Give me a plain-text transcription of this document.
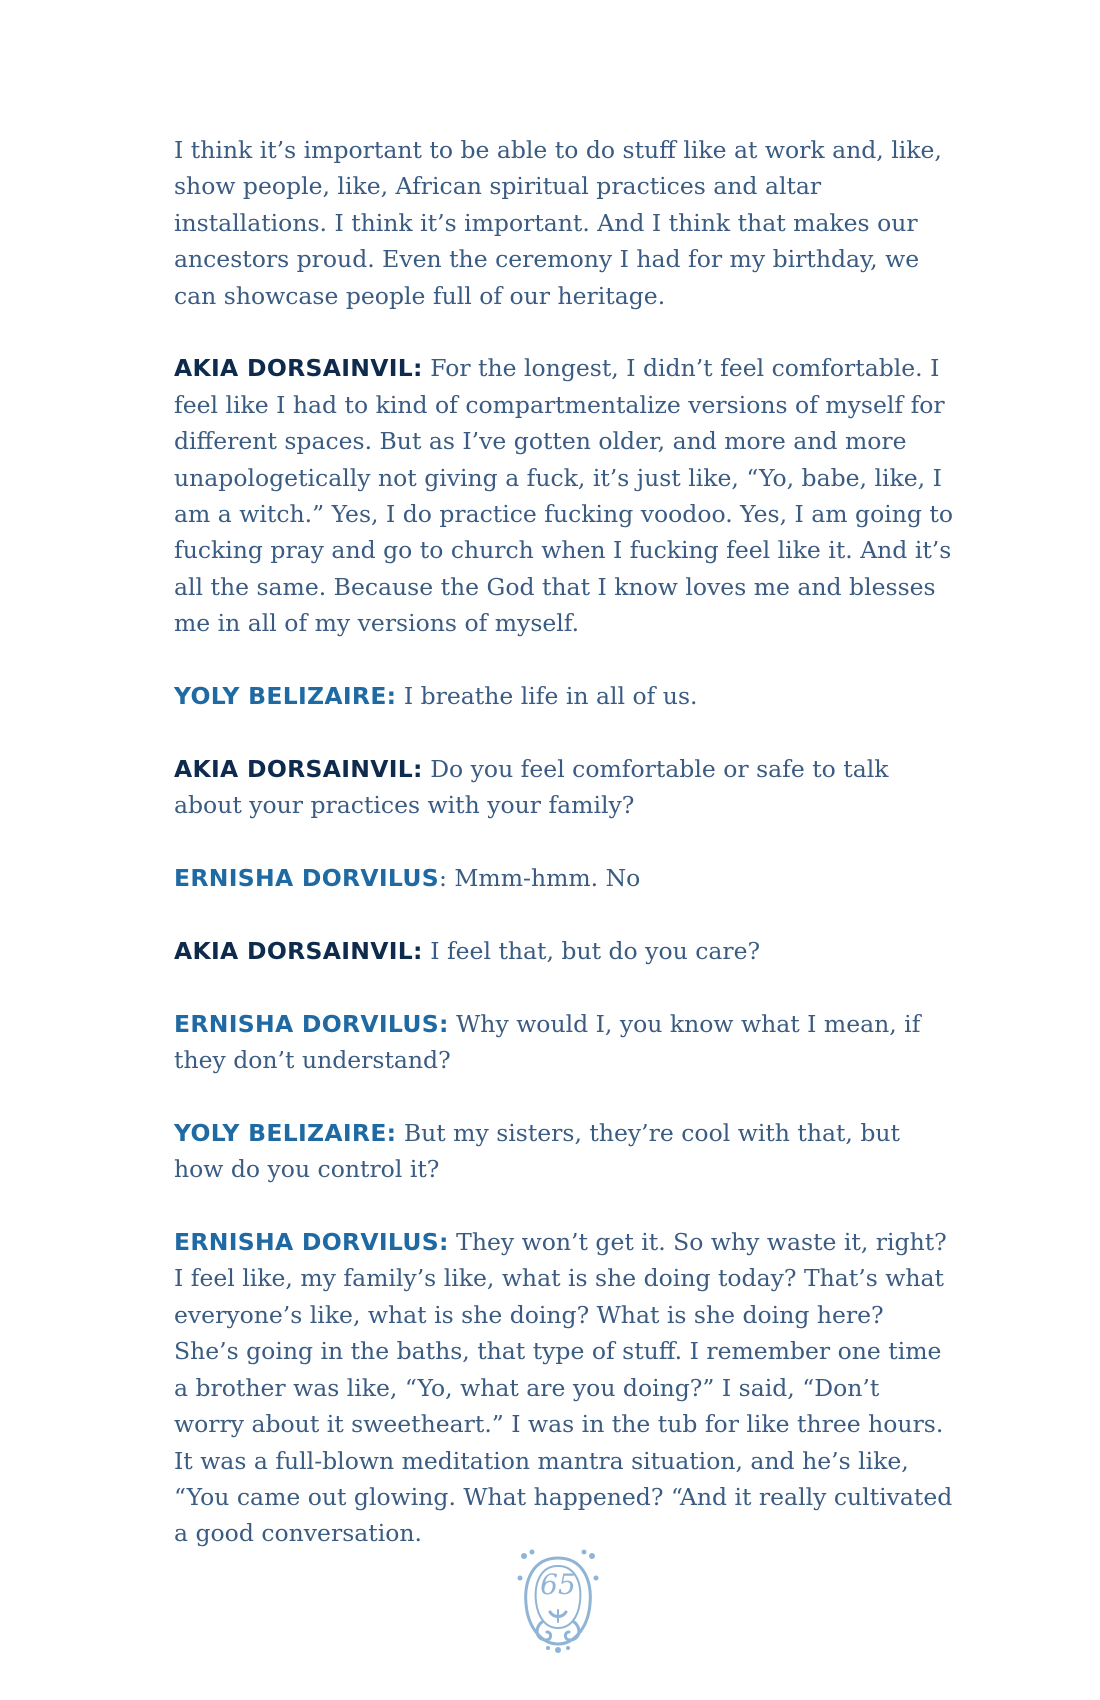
I think it’s important to be able to do stuff like at work and, like, show people, like, African spiritual practices and altar installations. I think it’s important. And I think that makes our ancestors proud. Even the ceremony I had for my birthday, we can showcase people full of our heritage.

AKIA DORSAINVIL: For the longest, I didn’t feel comfortable. I feel like I had to kind of compartmentalize versions of myself for different spaces. But as I’ve gotten older, and more and more unapologetically not giving a fuck, it’s just like, “Yo, babe, like, I am a witch.” Yes, I do practice fucking voodoo. Yes, I am going to fucking pray and go to church when I fucking feel like it. And it’s all the same. Because the God that I know loves me and blesses me in all of my versions of myself.

YOLY BELIZAIRE: I breathe life in all of us.

AKIA DORSAINVIL: Do you feel comfortable or safe to talk about your practices with your family?

ERNISHA DORVILUS: Mmm-hmm. No

AKIA DORSAINVIL: I feel that, but do you care?

ERNISHA DORVILUS: Why would I, you know what I mean, if they don’t understand?

YOLY BELIZAIRE: But my sisters, they’re cool with that, but how do you control it?

ERNISHA DORVILUS: They won’t get it. So why waste it, right? I feel like, my family’s like, what is she doing today? That’s what everyone’s like, what is she doing? What is she doing here? She’s going in the baths, that type of stuff. I remember one time a brother was like, “Yo, what are you doing?” I said, “Don’t worry about it sweetheart.” I was in the tub for like three hours. It was a full-blown meditation mantra situation, and he’s like, “You came out glowing. What happened? “And it really cultivated a good conversation.

65
